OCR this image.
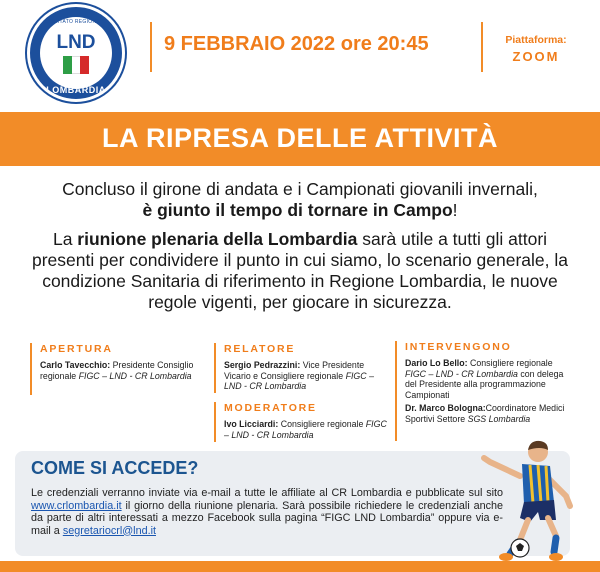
COMITATO REGIONALE
LND
LOMBARDIA
9 FEBBRAIO 2022 ore 20:45	Piattaforma:
ZOOM
LA RIPRESA DELLE ATTIVITÀ

Concluso il girone di andata e i Campionati giovanili invernali,
è giunto il tempo di tornare in Campo!

La riunione plenaria della Lombardia sarà utile a tutti gli attori presenti per condividere il punto in cui siamo, lo scenario generale, la condizione Sanitaria di riferimento in Regione Lombardia, le nuove regole vigenti, per giocare in sicurezza.

APERTURA
Carlo Tavecchio: Presidente Consiglio regionale FIGC – LND - CR Lombardia
RELATORE
Sergio Pedrazzini: Vice Presidente Vicario e Consigliere regionale FIGC – LND - CR Lombardia
MODERATORE
Ivo Licciardi: Consigliere regionale FIGC – LND - CR Lombardia
INTERVENGONO
Dario Lo Bello: Consigliere regionale FIGC – LND - CR Lombardia con delega del Presidente alla programmazione Campionati
Dr. Marco Bologna:Coordinatore Medici Sportivi Settore SGS Lombardia
COME SI ACCEDE?
Le credenziali verranno inviate via e-mail a tutte le affiliate al CR Lombardia e pubblicate sul sito www.crlombardia.it il giorno della riunione plenaria. Sarà possibile richiedere le credenziali anche da parte di altri interessati a mezzo Facebook sulla pagina “FIGC LND Lombardia” oppure via e-mail a segretariocrl@lnd.it
